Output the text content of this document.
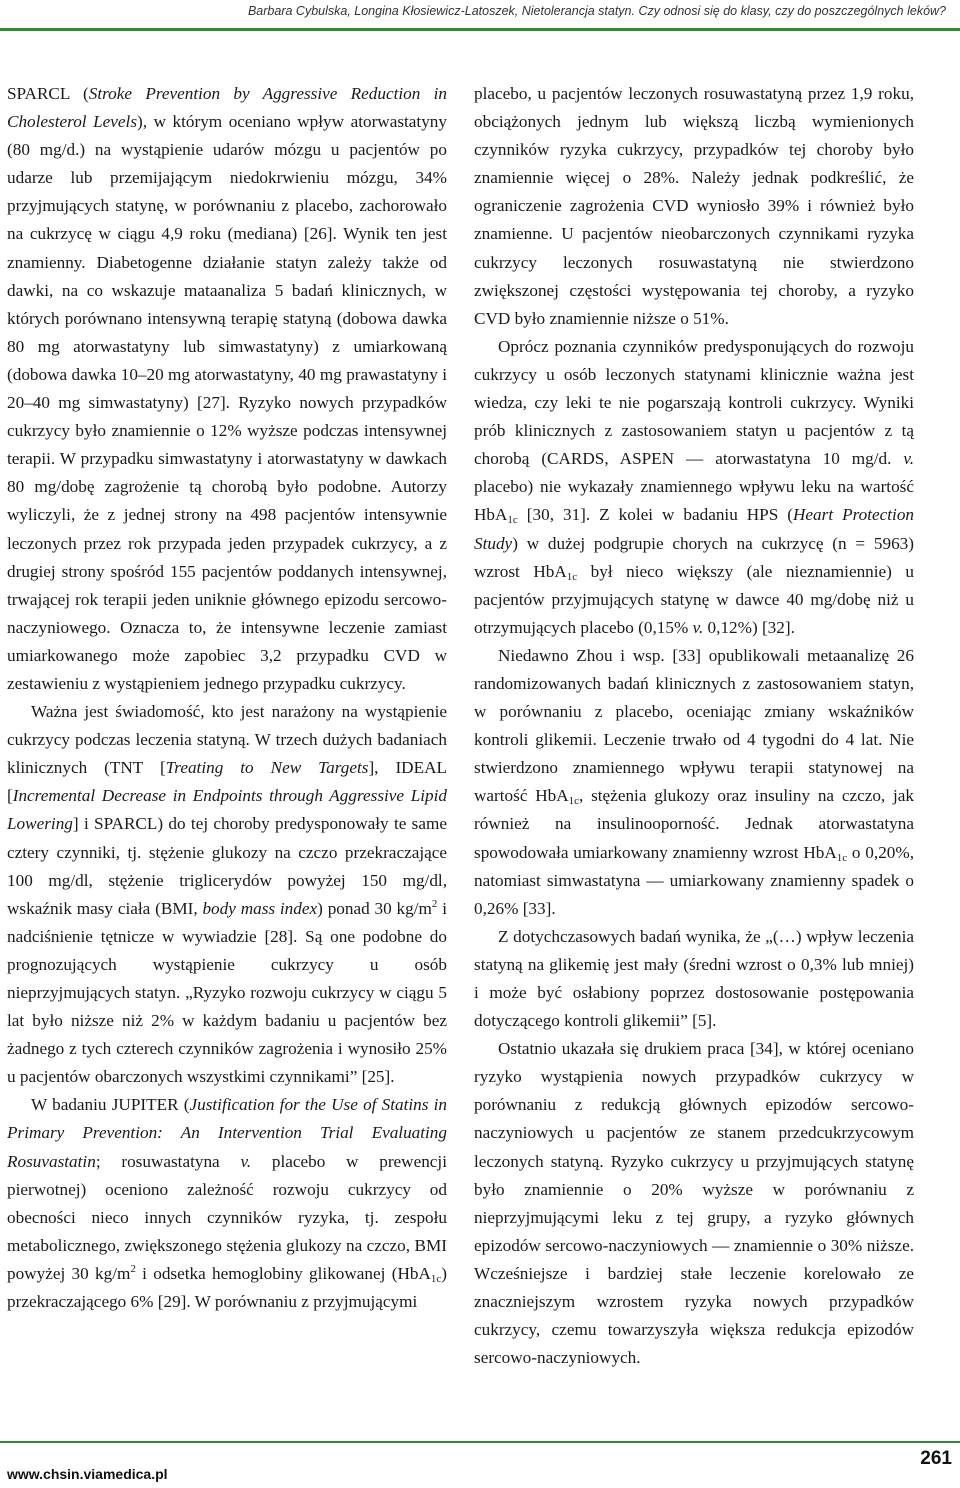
Barbara Cybulska, Longina Kłosiewicz-Latoszek, Nietolerancja statyn. Czy odnosi się do klasy, czy do poszczególnych leków?

SPARCL (Stroke Prevention by Aggressive Reduction in Cholesterol Levels), w którym oceniano wpływ atorwastatyny (80 mg/d.) na wystąpienie udarów mózgu u pacjentów po udarze lub przemijającym niedokrwieniu mózgu, 34% przyjmujących statynę, w porównaniu z placebo, zachorowało na cukrzycę w ciągu 4,9 roku (mediana) [26]. Wynik ten jest znamienny. Diabetogenne działanie statyn zależy także od dawki, na co wskazuje mataanaliza 5 badań klinicznych, w których porównano intensywną terapię statyną (dobowa dawka 80 mg atorwastatyny lub simwastatyny) z umiarkowaną (dobowa dawka 10–20 mg atorwastatyny, 40 mg prawastatyny i 20–40 mg simwastatyny) [27]. Ryzyko nowych przypadków cukrzycy było znamiennie o 12% wyższe podczas intensywnej terapii. W przypadku simwastatyny i atorwastatyny w dawkach 80 mg/dobę zagrożenie tą chorobą było podobne. Autorzy wyliczyli, że z jednej strony na 498 pacjentów intensywnie leczonych przez rok przypada jeden przypadek cukrzycy, a z drugiej strony spośród 155 pacjentów poddanych intensywnej, trwającej rok terapii jeden uniknie głównego epizodu sercowo-naczyniowego. Oznacza to, że intensywne leczenie zamiast umiarkowanego może zapobiec 3,2 przypadku CVD w zestawieniu z wystąpieniem jednego przypadku cukrzycy.

Ważna jest świadomość, kto jest narażony na wystąpienie cukrzycy podczas leczenia statyną. W trzech dużych badaniach klinicznych (TNT [Treating to New Targets], IDEAL [Incremental Decrease in Endpoints through Aggressive Lipid Lowering] i SPARCL) do tej choroby predysponowały te same cztery czynniki, tj. stężenie glukozy na czczo przekraczające 100 mg/dl, stężenie triglicerydów powyżej 150 mg/dl, wskaźnik masy ciała (BMI, body mass index) ponad 30 $kg/m^2$ i nadciśnienie tętnicze w wywiadzie [28]. Są one podobne do prognozujących wystąpienie cukrzycy u osób nieprzyjmujących statyn. „Ryzyko rozwoju cukrzycy w ciągu 5 lat było niższe niż 2% w każdym badaniu u pacjentów bez żadnego z tych czterech czynników zagrożenia i wynosiło 25% u pacjentów obarczonych wszystkimi czynnikami” [25].

W badaniu JUPITER (Justification for the Use of Statins in Primary Prevention: An Intervention Trial Evaluating Rosuvastatin; rosuwastatyna v. placebo w prewencji pierwotnej) oceniono zależność rozwoju cukrzycy od obecności nieco innych czynników ryzyka, tj. zespołu metabolicznego, zwiększonego stężenia glukozy na czczo, BMI powyżej 30 $kg/m^2$ i odsetka hemoglobiny glikowanej (HbA$_{1c}$) przekraczającego 6% [29]. W porównaniu z przyjmującymi

placebo, u pacjentów leczonych rosuwastatyną przez 1,9 roku, obciążonych jednym lub większą liczbą wymienionych czynników ryzyka cukrzycy, przypadków tej choroby było znamiennie więcej o 28%. Należy jednak podkreślić, że ograniczenie zagrożenia CVD wyniosło 39% i również było znamienne. U pacjentów nieobarczonych czynnikami ryzyka cukrzycy leczonych rosuwastatyną nie stwierdzono zwiększonej częstości występowania tej choroby, a ryzyko CVD było znamiennie niższe o 51%.

Oprócz poznania czynników predysponujących do rozwoju cukrzycy u osób leczonych statynami klinicznie ważna jest wiedza, czy leki te nie pogarszają kontroli cukrzycy. Wyniki prób klinicznych z zastosowaniem statyn u pacjentów z tą chorobą (CARDS, ASPEN — atorwastatyna 10 mg/d. v. placebo) nie wykazały znamiennego wpływu leku na wartość HbA$_{1c}$ [30, 31]. Z kolei w badaniu HPS (Heart Protection Study) w dużej podgrupie chorych na cukrzycę (n = 5963) wzrost HbA$_{1c}$ był nieco większy (ale nieznamiennie) u pacjentów przyjmujących statynę w dawce 40 mg/dobę niż u otrzymujących placebo (0,15% v. 0,12%) [32].

Niedawno Zhou i wsp. [33] opublikowali metaanalizę 26 randomizowanych badań klinicznych z zastosowaniem statyn, w porównaniu z placebo, oceniając zmiany wskaźników kontroli glikemii. Leczenie trwało od 4 tygodni do 4 lat. Nie stwierdzono znamiennego wpływu terapii statynowej na wartość HbA$_{1c}$, stężenia glukozy oraz insuliny na czczo, jak również na insulinooporność. Jednak atorwastatyna spowodowała umiarkowany znamienny wzrost HbA$_{1c}$ o 0,20%, natomiast simwastatyna — umiarkowany znamienny spadek o 0,26% [33].

Z dotychczasowych badań wynika, że „(…) wpływ leczenia statyną na glikemię jest mały (średni wzrost o 0,3% lub mniej) i może być osłabiony poprzez dostosowanie postępowania dotyczącego kontroli glikemii” [5].

Ostatnio ukazała się drukiem praca [34], w której oceniano ryzyko wystąpienia nowych przypadków cukrzycy w porównaniu z redukcją głównych epizodów sercowo-naczyniowych u pacjentów ze stanem przedcukrzycowym leczonych statyną. Ryzyko cukrzycy u przyjmujących statynę było znamiennie o 20% wyższe w porównaniu z nieprzyjmującymi leku z tej grupy, a ryzyko głównych epizodów sercowo-naczyniowych — znamiennie o 30% niższe. Wcześniejsze i bardziej stałe leczenie korelowało ze znaczniejszym wzrostem ryzyka nowych przypadków cukrzycy, czemu towarzyszyła większa redukcja epizodów sercowo-naczyniowych.

www.chsin.viamedica.pl
261
